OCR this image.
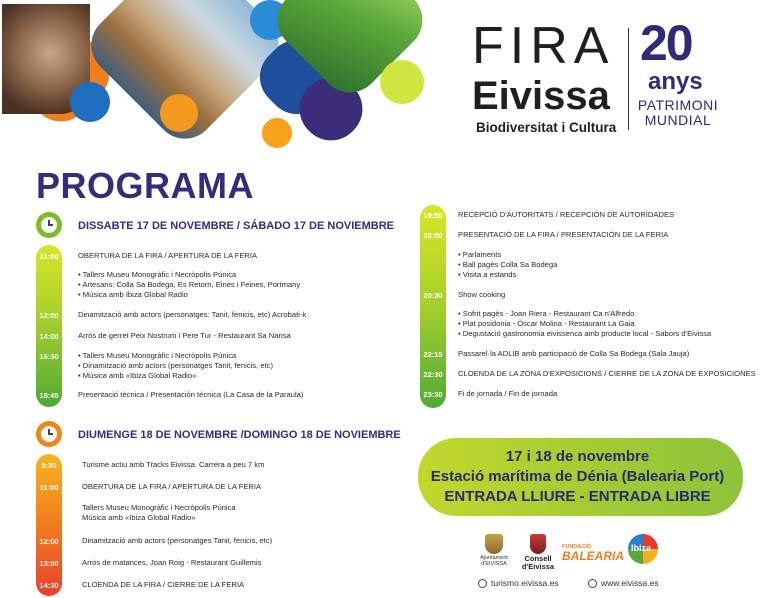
FIRA
Eivissa
Biodiversitat i Cultura
20
anys
PATRIMONI MUNDIAL
PROGRAMA
DISSABTE 17 DE NOVEMBRE / SÁBADO 17 DE NOVIEMBRE
11:00	OBERTURA DE LA FIRA / APERTURA DE LA FERIA
• Tallers Museu Monogràfic i Necròpolis Púnica
• Artesans: Colla Sa Bodega, Es Retorn, Eines i Feines, Portmany
• Música amb Ibiza Global Radio
12:00	Dinamització amb actors (personatges: Tanit, fenicis, etc) Acrobati-k
14:00	Arròs de gerret Peix Nostrum i Pere Tur - Restaurant Sa Nansa
16:30	• Tallers Museu Monogràfic i Necròpolis Púnica
• Dinamització amb actors (personatges Tanit, fenicis, etc)
• Música amb «Ibiza Global Radio»
18:45	Presentació tècnica / Presentación técnica (La Casa de la Paraula)
19:50	RECEPCIÓ D'AUTORITATS / RECEPCIÓN DE AUTORIDADES
20:00	PRESENTACIÓ DE LA FIRA / PRESENTACIÓN DE LA FERIA
• Parlaments
• Ball pagès Colla Sa Bodega
• Visita a estands
20:30	Show cooking
• Sofrit pagès - Joan Riera - Restaurant Ca n'Alfredo
• Plat posidonia - Òscar Molina - Restaurant La Gaia
• Degustació gastronomia eivissenca amb producte local - Sabors d'Eivissa
22:15	Passarel·la ADLIB amb participació de Colla Sa Bodega (Sala Jauja)
22:30	CLOENDA DE LA ZONA D'EXPOSICIONS / CIERRE DE LA ZONA DE EXPOSICIONES
23:30	Fi de jornada / Fin de jornada
DIUMENGE 18 DE NOVEMBRE /DOMINGO 18 DE NOVIEMBRE
9:30	Turisme actiu amb Tracks Eivissa. Carrera a peu 7 km
11:00	OBERTURA DE LA FIRA / APERTURA DE LA FERIA
Tallers Museu Monogràfic i Necròpolis Púnica
Música amb «Ibiza Global Radio»
12:00	Dinamització amb actors (personatges Tanit, fenicis, etc)
13:00	Arròs de matances, Joan Roig - Restaurant Guillemis
14:30	CLOENDA DE LA FIRA / CIERRE DE LA FERIA
17 i 18 de novembre
Estació marítima de Dénia (Balearia Port)
ENTRADA LLIURE - ENTRADA LIBRE
Ajuntament d'EIVISSA
Consell d'Eivissa
FUNDACIÓ
BALEARIA
Ibiza
turismo.eivissa.es	www.eivissa.es
